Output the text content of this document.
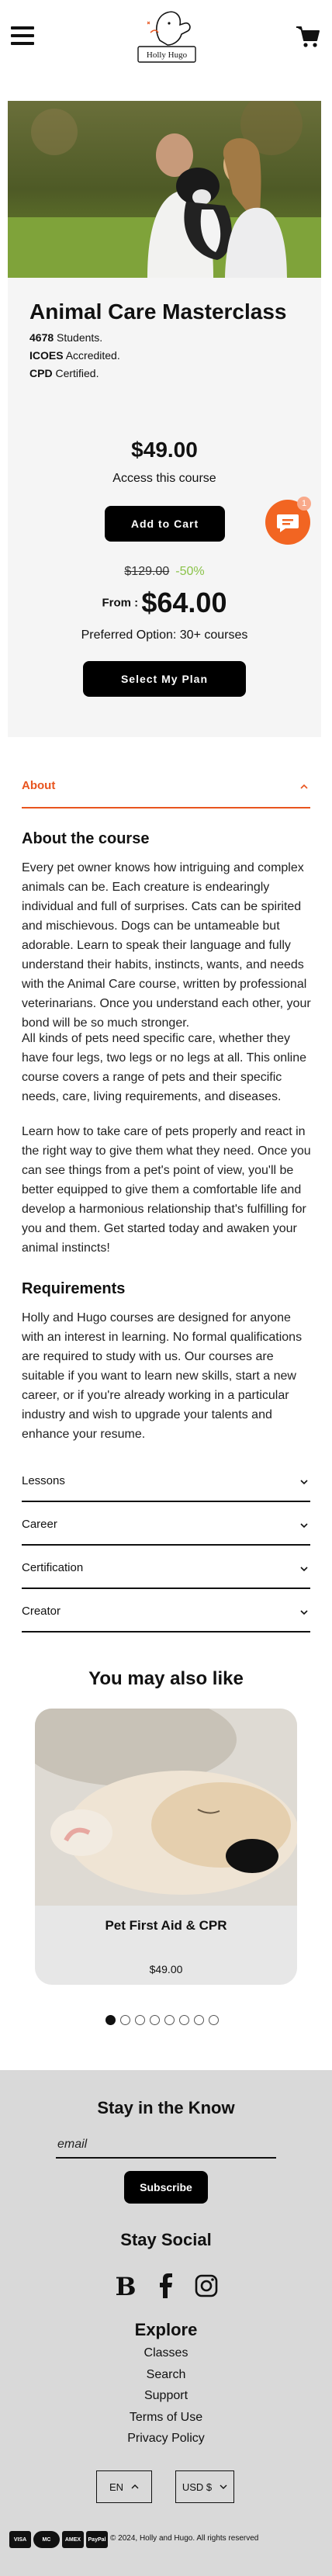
Holly Hugo
Animal Care Masterclass
4678 Students.
ICOES Accredited.
CPD Certified.
$49.00
Access this course
Add to Cart
$129.00 -50%
From : $64.00
Preferred Option: 30+ courses
Select My Plan
1
About
About the course
Every pet owner knows how intriguing and complex animals can be. Each creature is endearingly individual and full of surprises. Cats can be spirited and mischievous. Dogs can be untameable but adorable. Learn to speak their language and fully understand their habits, instincts, wants, and needs with the Animal Care course, written by professional veterinarians. Once you understand each other, your bond will be so much stronger.
All kinds of pets need specific care, whether they have four legs, two legs or no legs at all. This online course covers a range of pets and their specific needs, care, living requirements, and diseases.
Learn how to take care of pets properly and react in the right way to give them what they need. Once you can see things from a pet's point of view, you'll be better equipped to give them a comfortable life and develop a harmonious relationship that's fulfilling for you and them. Get started today and awaken your animal instincts!
Requirements
Holly and Hugo courses are designed for anyone with an interest in learning. No formal qualifications are required to study with us. Our courses are suitable if you want to learn new skills, start a new career, or if you're already working in a particular industry and wish to upgrade your talents and enhance your resume.
Lessons
Career
Certification
Creator
You may also like
Pet First Aid & CPR
$49.00
Stay in the Know
email
Subscribe
Stay Social
B
Explore
Classes
Search
Support
Terms of Use
Privacy Policy
EN	USD $
VISA	MC	AMEX	PayPal © 2024, Holly and Hugo. All rights reserved
